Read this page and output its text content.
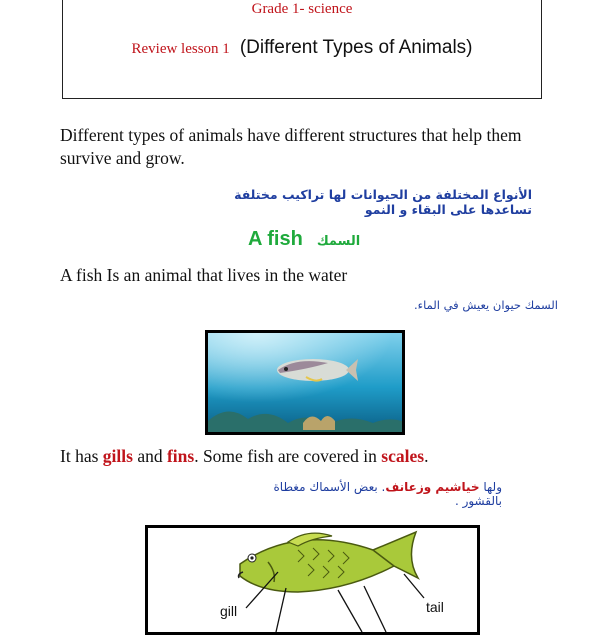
Grade 1- science
Review lesson 1 (Different Types of Animals)
Different types of animals have different structures that help them survive and grow.
الأنواع المختلفة من الحيوانات لها تراكيب مختلفة تساعدها على البقاء و النمو
A fish السمك
A fish Is an animal that lives in the water
السمك حيوان يعيش في الماء.
It has gills and fins. Some fish are covered in scales.
ولها خياشيم وزعانف. بعض الأسماك مغطاة بالقشور .
gill	tail
